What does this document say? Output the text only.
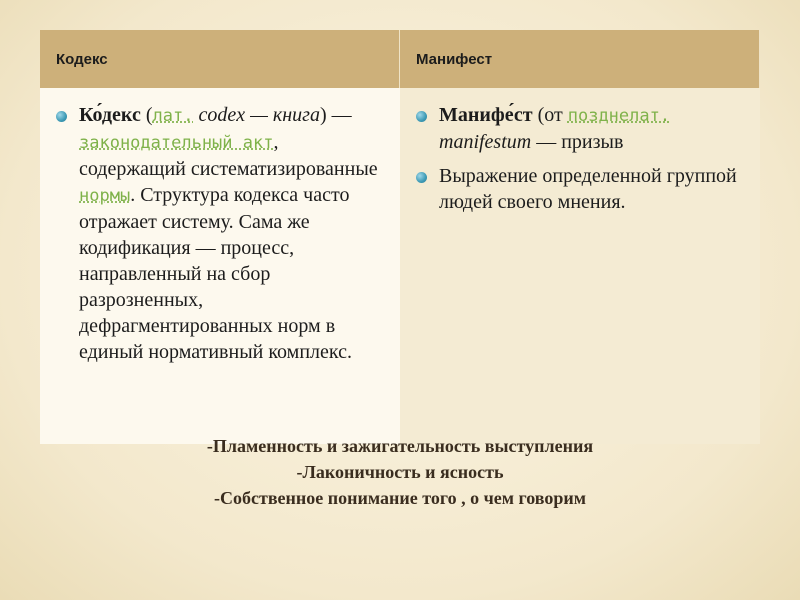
Кодекс	Манифест
Ко́декс (лат. codex — книга) — законодательный акт, содержащий систематизированные нормы. Структура кодекса часто отражает систему. Сама же кодификация — процесс, направленный на сбор разрозненных, дефрагментированных норм в единый нормативный комплекс.
Манифе́ст (от позднелат. manifestum — призыв
Выражение определенной группой людей своего мнения.
-Пламенность и зажигательность выступления
-Лаконичность и ясность
-Собственное понимание того , о чем говорим
